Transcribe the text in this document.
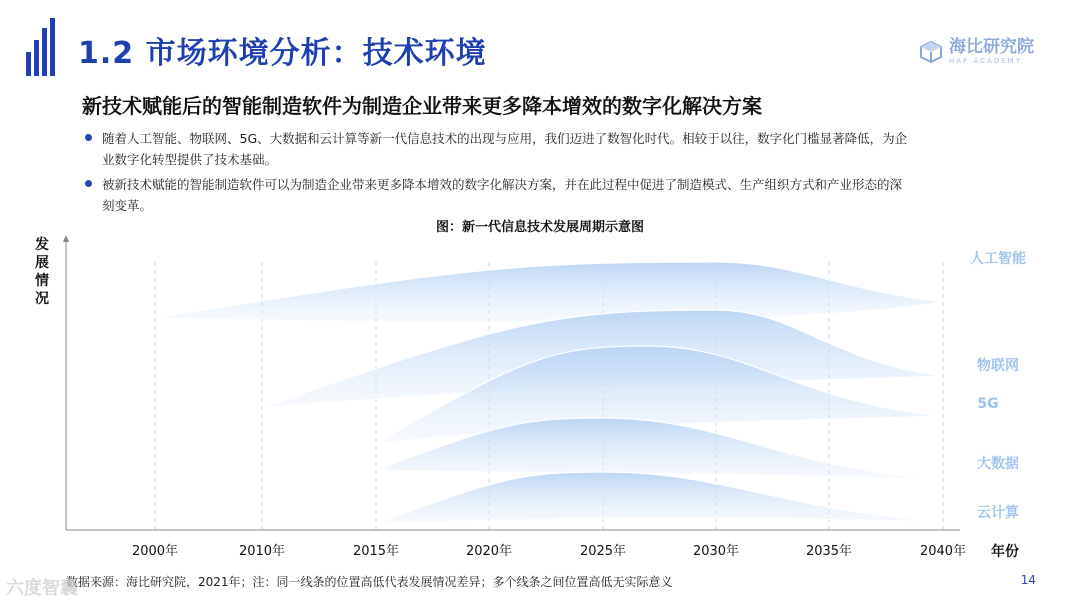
2000年	2010年	2015年	2020年	2025年	2030年	2035年	2040年 年份
人工智能
物联网
5G
大数据
云计算
1.2 市场环境分析：技术环境	海比研究院
HAP ACADEMY
新技术赋能后的智能制造软件为制造企业带来更多降本增效的数字化解决方案
随着人工智能、物联网、5G、大数据和云计算等新一代信息技术的出现与应用，我们迈进了数智化时代。相较于以往，数字化门槛显著降低，为企业数字化转型提供了技术基础。
被新技术赋能的智能制造软件可以为制造企业带来更多降本增效的数字化解决方案，并在此过程中促进了制造模式、生产组织方式和产业形态的深刻变革。
图：新一代信息技术发展周期示意图
发
展
情
况
数据来源：海比研究院，2021年；注：同一线条的位置高低代表发展情况差异；多个线条之间位置高低无实际意义	14
六度智囊
